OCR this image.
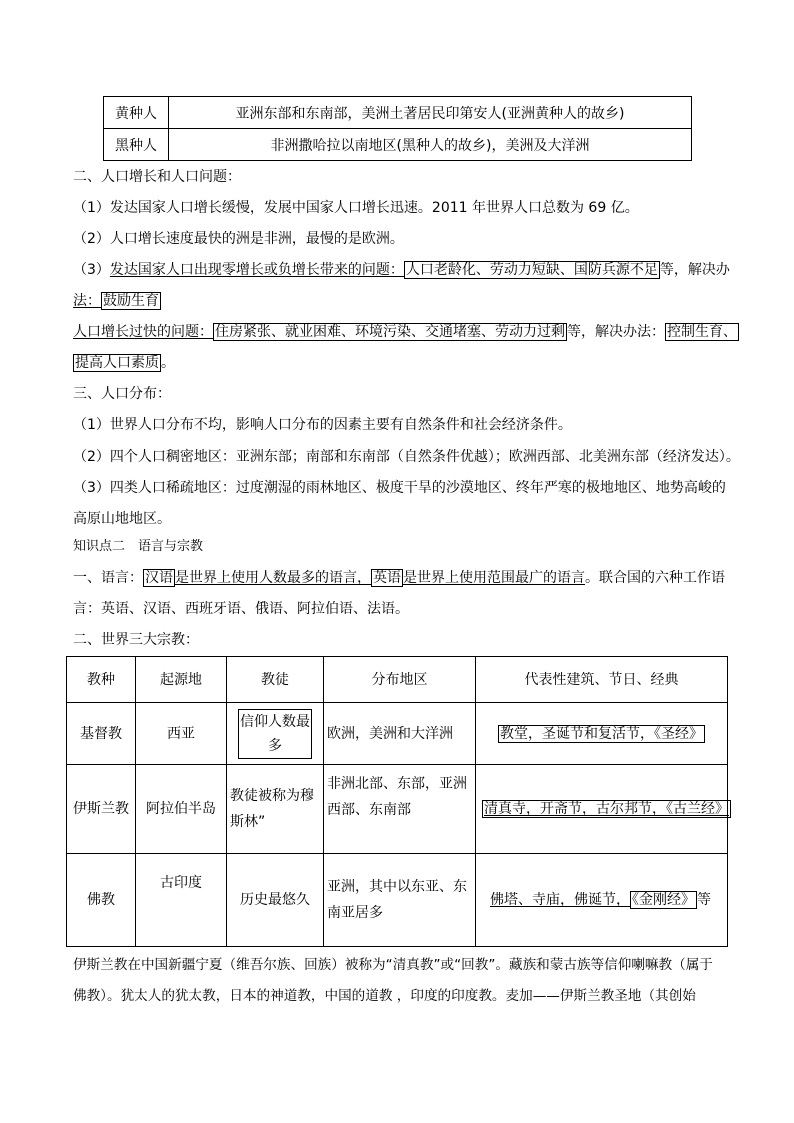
黄种人	亚洲东部和东南部，美洲土著居民印第安人(亚洲黄种人的故乡)
黑种人	非洲撒哈拉以南地区(黑种人的故乡)，美洲及大洋洲
二、人口增长和人口问题：
（1）发达国家人口增长缓慢，发展中国家人口增长迅速。2011 年世界人口总数为 69 亿。
（2）人口增长速度最快的洲是非洲，最慢的是欧洲。
（3）发达国家人口出现零增长或负增长带来的问题： 人口老龄化、劳动力短缺、国防兵源不足 等，解决办
法： 鼓励生育
人口增长过快的问题： 住房紧张、就业困难、环境污染、交通堵塞、劳动力过剩 等，解决办法： 控制生育、
提高人口素质 。
三、人口分布：
（1）世界人口分布不均，影响人口分布的因素主要有自然条件和社会经济条件。
（2）四个人口稠密地区：亚洲东部；南部和东南部（自然条件优越）；欧洲西部、北美洲东部（经济发达）。
（3）四类人口稀疏地区：过度潮湿的雨林地区、极度干旱的沙漠地区、终年严寒的极地地区、地势高峻的
高原山地地区。
知识点二　语言与宗教
一、语言： 汉语 是世界上使用人数最多的语言， 英语 是世界上使用范围最广的语言。联合国的六种工作语
言：英语、汉语、西班牙语、俄语、阿拉伯语、法语。
二、世界三大宗教：
教种	起源地	教徒	分布地区	代表性建筑、节日、经典
基督教	西亚	信仰人数最
多	欧洲，美洲和大洋洲	教堂，圣诞节和复活节，《圣经》
伊斯兰教	阿拉伯半岛	教徒被称为穆
斯林”	非洲北部、东部，亚洲
西部、东南部	清真寺，开斋节，古尔邦节，《古兰经》
佛教	古印度	历史最悠久	亚洲，其中以东亚、东
南亚居多	佛塔、寺庙，佛诞节， 《金刚经》 等
伊斯兰教在中国新疆宁夏（维吾尔族、回族）被称为“清真教”或“回教”。藏族和蒙古族等信仰喇嘛教（属于
佛教）。犹太人的犹太教，日本的神道教，中国的道教 ，印度的印度教。麦加——伊斯兰教圣地（其创始
